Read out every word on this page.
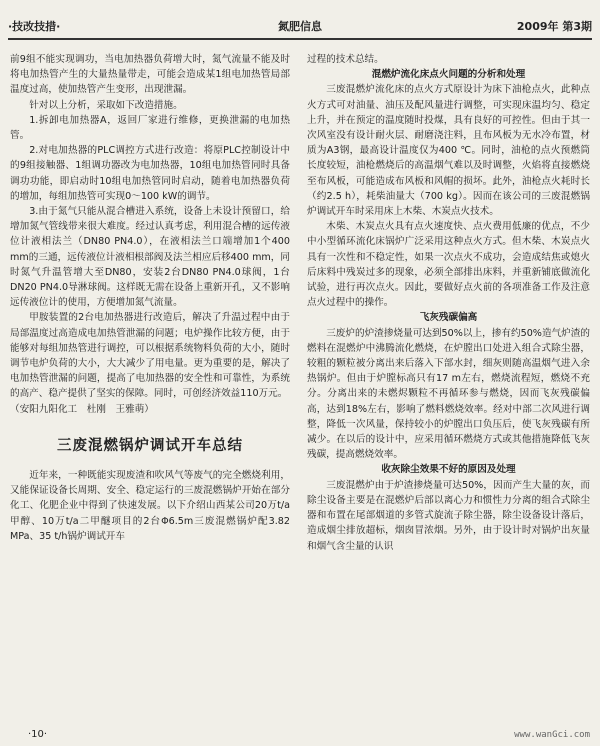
·技改技措·	氮肥信息	2009年 第3期

前9组不能实现调功，当电加热器负荷增大时，氮气流量不能及时将电加热管产生的大量热量带走，可能会造成某1组电加热管局部温度过高，使加热管产生变形，出现泄漏。

针对以上分析，采取如下改造措施。

1.拆卸电加热器A，返回厂家进行维修，更换泄漏的电加热管。

2.对电加热器的PLC调控方式进行改造：将原PLC控制设计中的9组接触器、1组调功器改为电加热器，10组电加热管同时具备调功功能，即启动时10组电加热管同时启动，随着电加热器负荷的增加，每组加热管可实现0～100 kW的调节。

3.由于氮气只能从混合槽进入系统，设备上未设计预留口，给增加氮气管线带来很大难度。经过认真考虑，利用混合槽的远传液位计液相法兰（DN80 PN4.0），在液相法兰口端增加1个400 mm的三通，远传液位计液相根部阀及法兰相应后移400 mm，同时氮气升温管增大至DN80，安装2台DN80 PN4.0球阀，1台DN20 PN4.0导淋球阀。这样既无需在设备上重新开孔，又不影响远传液位计的使用，方便增加氮气流量。

甲胺装置的2台电加热器进行改造后，解决了升温过程中由于局部温度过高造成电加热管泄漏的问题；电炉操作比较方便，由于能够对每组加热管进行调控，可以根据系统物料负荷的大小，随时调节电炉负荷的大小，大大减少了用电量。更为重要的是，解决了电加热管泄漏的问题，提高了电加热器的安全性和可靠性，为系统的高产、稳产提供了坚实的保障。同时，可创经济效益110万元。

（安阳九阳化工　杜刚　王雅萌）

三废混燃锅炉调试开车总结

近年来，一种既能实现废渣和吹风气等废气的完全燃烧利用，又能保证设备长周期、安全、稳定运行的三废混燃锅炉开始在部分化工、化肥企业中得到了快速发展。以下介绍山西某公司20万t/a甲醇、10万t/a二甲醚项目的2台Φ6.5m三废混燃锅炉配3.82 MPa、35 t/h锅炉调试开车

过程的技术总结。

混燃炉流化床点火问题的分析和处理

三废混燃炉流化床的点火方式原设计为床下油枪点火，此种点火方式可对油量、油压及配风量进行调整，可实现床温均匀、稳定上升，并在预定的温度随时投煤，具有良好的可控性。但由于其一次风室没有设计耐火层、耐磨浇注料，且布风板为无水冷布置，材质为A3钢，最高设计温度仅为400 ℃。同时，油枪的点火预燃筒长度较短，油枪燃烧后的高温烟气难以及时调整，火焰将直接燃烧至布风板，可能造成布风板和风帽的损坏。此外，油枪点火耗时长（约2.5 h），耗柴油量大（700 kg）。因而在该公司的三废混燃锅炉调试开车时采用床上木柴、木炭点火技术。

木柴、木炭点火具有点火速度快、点火费用低廉的优点，不少中小型循环流化床锅炉广泛采用这种点火方式。但木柴、木炭点火具有一次性和不稳定性，如果一次点火不成功，会造成结焦或熄火后床料中残炭过多的现象，必须全部排出床料，并重新铺底做流化试验，进行再次点火。因此，要做好点火前的各项准备工作及注意点火过程中的操作。

飞灰残碳偏高

三废炉的炉渣掺烧量可达到50%以上，掺有约50%造气炉渣的燃料在混燃炉中沸腾流化燃烧，在炉膛出口处进入组合式除尘器，较粗的颗粒被分离出来后落入下部水封，细灰则随高温烟气进入余热锅炉。但由于炉膛标高只有17 m左右，燃烧流程短，燃烧不充分。分离出来的未燃烬颗粒不再循环参与燃烧，因而飞灰残碳偏高，达到18%左右，影响了燃料燃烧效率。经对中部二次风进行调整，降低一次风量，保持较小的炉膛出口负压后，使飞灰残碳有所减少。在以后的设计中，应采用循环燃烧方式或其他措施降低飞灰残碳，提高燃烧效率。

收灰除尘效果不好的原因及处理

三废混燃炉由于炉渣掺烧量可达50%，因而产生大量的灰，而除尘设备主要是在混燃炉后部以离心力和惯性力分离的组合式除尘器和布置在尾部烟道的多管式旋流子除尘器，除尘设备设计落后，造成烟尘排放超标，烟囱冒浓烟。另外，由于设计时对锅炉出灰量和烟气含尘量的认识

·10·	www.wanGci.com
